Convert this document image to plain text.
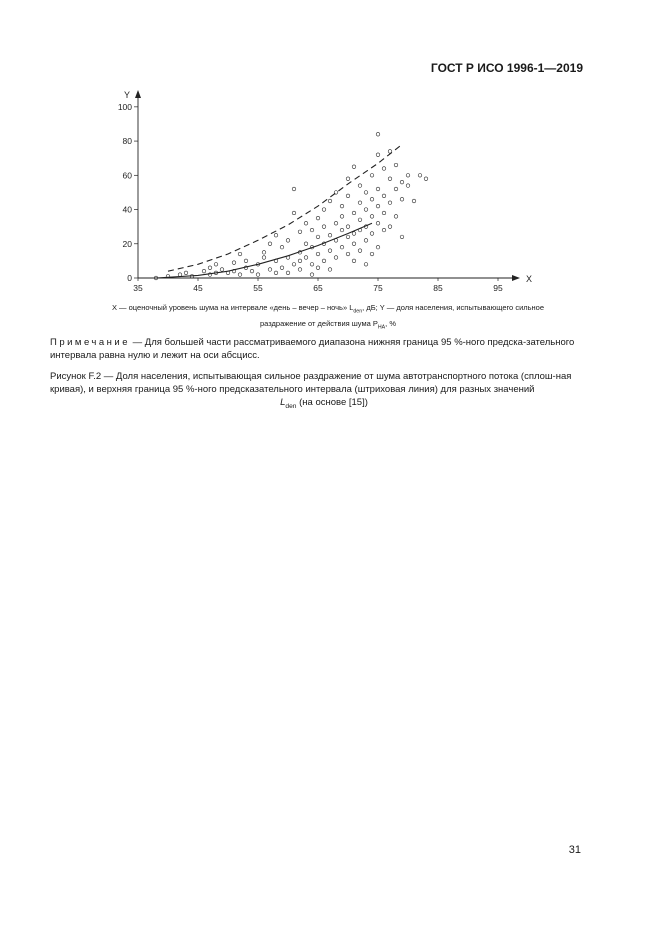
ГОСТ Р ИСО 1996-1—2019
X
Y
35	45	55	65	75	85	95
0
20
40
60
80
100
X — оценочный уровень шума на интервале «день – вечер – ночь» $L_{den}$, дБ; Y — доля населения, испытывающего сильное
раздражение от действия шума $P_{HA}$, %
Примечание — Для большей части рассматриваемого диапазона нижняя граница 95 %-ного предска-зательного интервала равна нулю и лежит на оси абсцисс.
Рисунок F.2 — Доля населения, испытывающая сильное раздражение от шума автотранспортного потока (сплош-ная кривая), и верхняя граница 95 %-ного предсказательного интервала (штриховая линия) для разных значений
$L_{den}$ (на основе [15])
31
